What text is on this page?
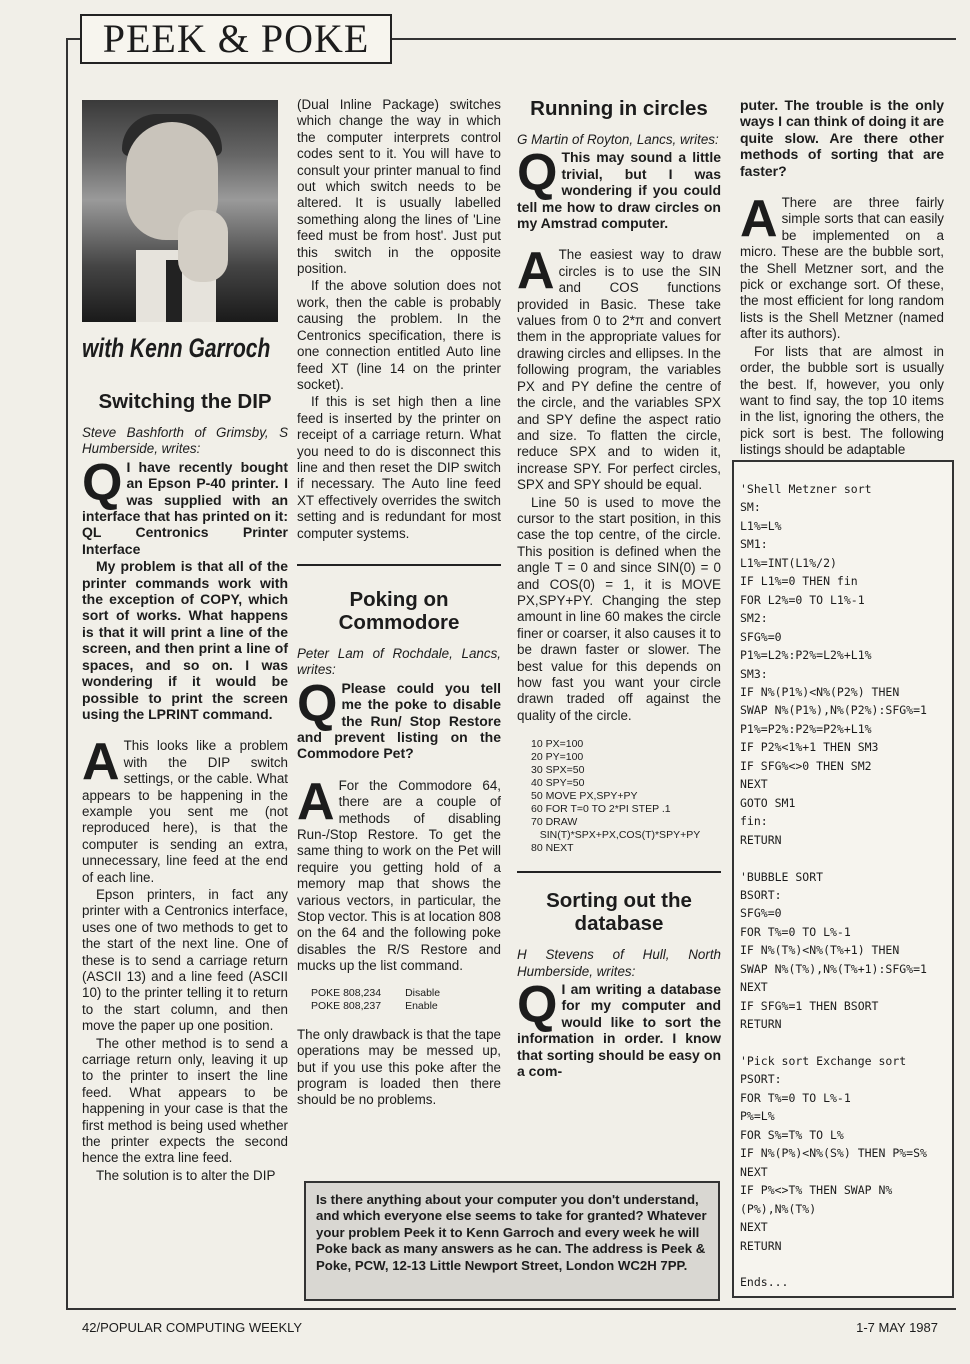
PEEK & POKE
with Kenn Garroch
Switching the DIP

Steve Bashforth of Grimsby, S Humberside, writes:

Q I have recently bought an Epson P-40 printer. I was supplied with an interface that has printed on it: QL Centronics Printer Interface

My problem is that all of the printer commands work with the exception of COPY, which sort of works. What happens is that it will print a line of the screen, and then print a line of spaces, and so on. I was wondering if it would be possible to print the screen using the LPRINT command.

A This looks like a problem with the DIP switch settings, or the cable. What appears to be happening in the example you sent me (not reproduced here), is that the computer is sending an extra, unnecessary, line feed at the end of each line.

Epson printers, in fact any printer with a Centronics interface, uses one of two methods to get to the start of the next line. One of these is to send a carriage return (ASCII 13) and a line feed (ASCII 10) to the printer telling it to return to the start column, and then move the paper up one position.

The other method is to send a carriage return only, leaving it up to the printer to insert the line feed. What appears to be happening in your case is that the first method is being used whether the printer expects the second hence the extra line feed.

The solution is to alter the DIP

(Dual Inline Package) switches which change the way in which the computer interprets control codes sent to it. You will have to consult your printer manual to find out which switch needs to be altered. It is usually labelled something along the lines of 'Line feed must be from host'. Just put this switch in the opposite position.

If the above solution does not work, then the cable is probably causing the problem. In the Centronics specification, there is one connection entitled Auto line feed XT (line 14 on the printer socket).

If this is set high then a line feed is inserted by the printer on receipt of a carriage return. What you need to do is disconnect this line and then reset the DIP switch if necessary. The Auto line feed XT effectively overrides the switch setting and is redundant for most computer systems.

Poking on Commodore

Peter Lam of Rochdale, Lancs, writes:

Q Please could you tell me the poke to disable the Run/ Stop Restore and prevent listing on the Commodore Pet?

A For the Commodore 64, there are a couple of methods of disabling Run-/Stop Restore. To get the same thing to work on the Pet will require you getting hold of a memory map that shows the various vectors, in particular, the Stop vector. This is at location 808 on the 64 and the following poke disables the R/S Restore and mucks up the list command.

POKE 808,234	Disable
POKE 808,237	Enable

The only drawback is that the tape operations may be messed up, but if you use this poke after the program is loaded then there should be no problems.

Running in circles

G Martin of Royton, Lancs, writes:

Q This may sound a little trivial, but I was wondering if you could tell me how to draw circles on my Amstrad computer.

A The easiest way to draw circles is to use the SIN and COS functions provided in Basic. These take values from 0 to 2*π and convert them in the appropriate values for drawing circles and ellipses. In the following program, the variables PX and PY define the centre of the circle, and the variables SPX and SPY define the aspect ratio and size. To flatten the circle, reduce SPX and to widen it, increase SPY. For perfect circles, SPX and SPY should be equal.

Line 50 is used to move the cursor to the start position, in this case the top centre, of the circle. This position is defined when the angle T = 0 and since SIN(0) = 0 and COS(0) = 1, it is MOVE PX,SPY+PY. Changing the step amount in line 60 makes the circle finer or coarser, it also causes it to be drawn faster or slower. The best value for this depends on how fast you want your circle drawn traded off against the quality of the circle.

10 PX=100
20 PY=100
30 SPX=50
40 SPY=50
50 MOVE PX,SPY+PY
60 FOR T=0 TO 2*PI STEP .1
70 DRAW
SIN(T)*SPX+PX,COS(T)*SPY+PY
80 NEXT
Sorting out the database

H Stevens of Hull, North Humberside, writes:

Q I am writing a database for my computer and would like to sort the information in order. I know that sorting should be easy on a com-

puter. The trouble is the only ways I can think of doing it are quite slow. Are there other methods of sorting that are faster?

A There are three fairly simple sorts that can easily be implemented on a micro. These are the bubble sort, the Shell Metzner sort, and the pick or exchange sort. Of these, the most efficient for long random lists is the Shell Metzner (named after its authors).

For lists that are almost in order, the bubble sort is usually the best. If, however, you only want to find say, the top 10 items in the list, ignoring the others, the pick sort is best. The following listings should be adaptable

'Shell Metzner sort
SM:
L1%=L%
SM1:
L1%=INT(L1%/2)
IF L1%=0 THEN fin
FOR L2%=0 TO L1%-1
SM2:
SFG%=0
P1%=L2%:P2%=L2%+L1%
SM3:
IF N%(P1%)<N%(P2%) THEN
SWAP N%(P1%),N%(P2%):SFG%=1
P1%=P2%:P2%=P2%+L1%
IF P2%<1%+1 THEN SM3
IF SFG%<>0 THEN SM2
NEXT
GOTO SM1
fin:
RETURN
'BUBBLE SORT
BSORT:
SFG%=0
FOR T%=0 TO L%-1
IF N%(T%)<N%(T%+1) THEN
SWAP N%(T%),N%(T%+1):SFG%=1
NEXT
IF SFG%=1 THEN BSORT
RETURN
'Pick sort Exchange sort
PSORT:
FOR T%=0 TO L%-1
P%=L%
FOR S%=T% TO L%
IF N%(P%)<N%(S%) THEN P%=S%
NEXT
IF P%<>T% THEN SWAP N%
(P%),N%(T%)
NEXT
RETURN
Ends...
Is there anything about your computer you don't understand, and which everyone else seems to take for granted? Whatever your problem Peek it to Kenn Garroch and every week he will Poke back as many answers as he can. The address is Peek & Poke, PCW, 12-13 Little Newport Street, London WC2H 7PP.
42/POPULAR COMPUTING WEEKLY	1-7 MAY 1987
